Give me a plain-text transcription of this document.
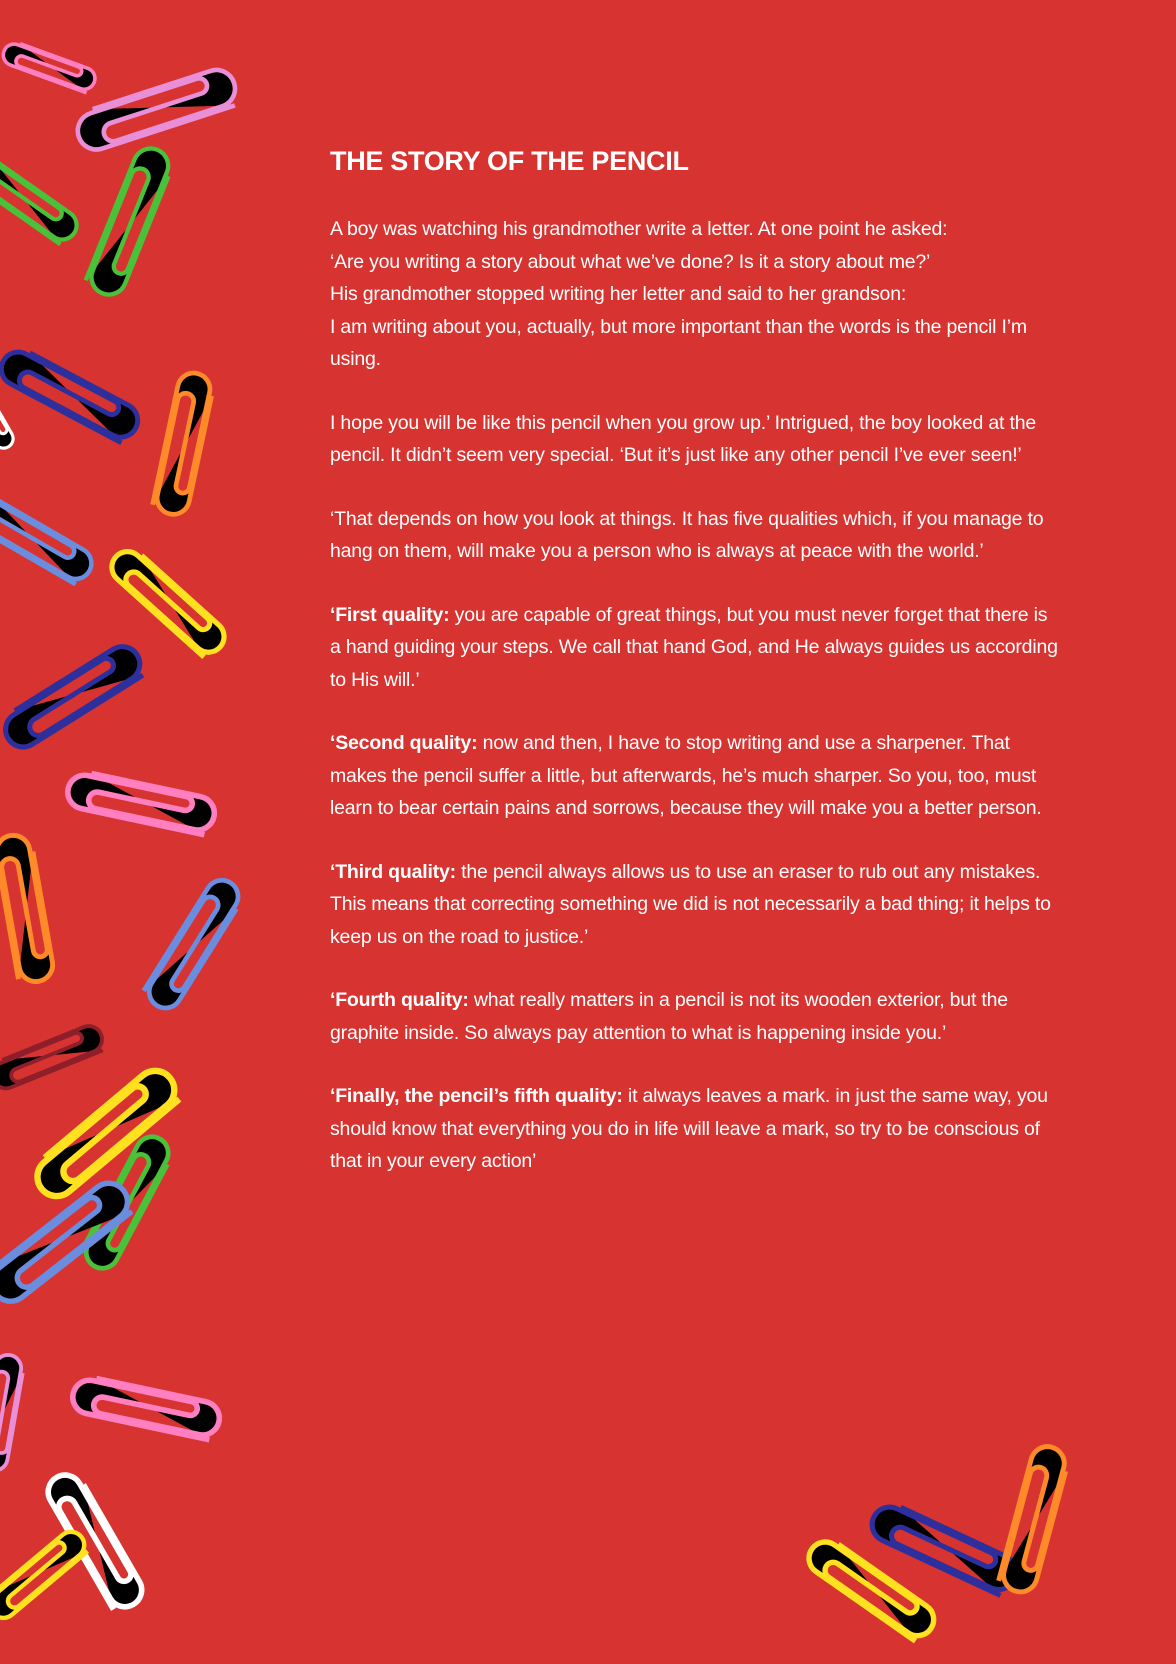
THE STORY OF THE PENCIL

A boy was watching his grandmother write a letter. At one point he asked:
‘Are you writing a story about what we’ve done? Is it a story about me?’
His grandmother stopped writing her letter and said to her grandson:
I am writing about you, actually, but more important than the words is the pencil I’m using.

I hope you will be like this pencil when you grow up.’ Intrigued, the boy looked at the pencil. It didn’t seem very special. ‘But it’s just like any other pencil I’ve ever seen!’

‘That depends on how you look at things. It has five qualities which, if you manage to hang on them, will make you a person who is always at peace with the world.’

‘First quality: you are capable of great things, but you must never forget that there is a hand guiding your steps. We call that hand God, and He always guides us according to His will.’

‘Second quality: now and then, I have to stop writing and use a sharpener. That makes the pencil suffer a little, but afterwards, he’s much sharper. So you, too, must learn to bear certain pains and sorrows, because they will make you a better person.

‘Third quality: the pencil always allows us to use an eraser to rub out any mistakes. This means that correcting something we did is not necessarily a bad thing; it helps to keep us on the road to justice.’

‘Fourth quality: what really matters in a pencil is not its wooden exterior, but the graphite inside. So always pay attention to what is happening inside you.’

‘Finally, the pencil’s fifth quality: it always leaves a mark. in just the same way, you should know that everything you do in life will leave a mark, so try to be conscious of that in your every action’
